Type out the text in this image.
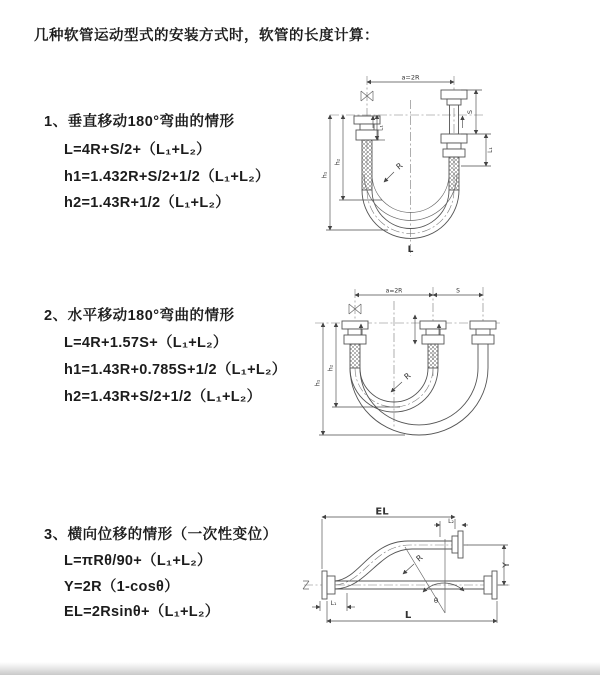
几种软管运动型式的安装方式时，软管的长度计算：
1、垂直移动180°弯曲的情形
L=4R+S/2+（L₁+L₂）
h1=1.432R+S/2+1/2（L₁+L₂）
h2=1.43R+1/2（L₁+L₂）
2、水平移动180°弯曲的情形
L=4R+1.57S+（L₁+L₂）
h1=1.43R+0.785S+1/2（L₁+L₂）
h2=1.43R+S/2+1/2（L₁+L₂）
3、横向位移的情形（一次性变位）
L=πRθ/90+（L₁+L₂）
Y=2R（1-cosθ）
EL=2Rsinθ+（L₁+L₂）
a=2R
h₁
h₂
L₁
S
L₁
R
L
a=2R	S
h₁
h₂
R
EL
L₂
L₁
L
Y
R
θ
